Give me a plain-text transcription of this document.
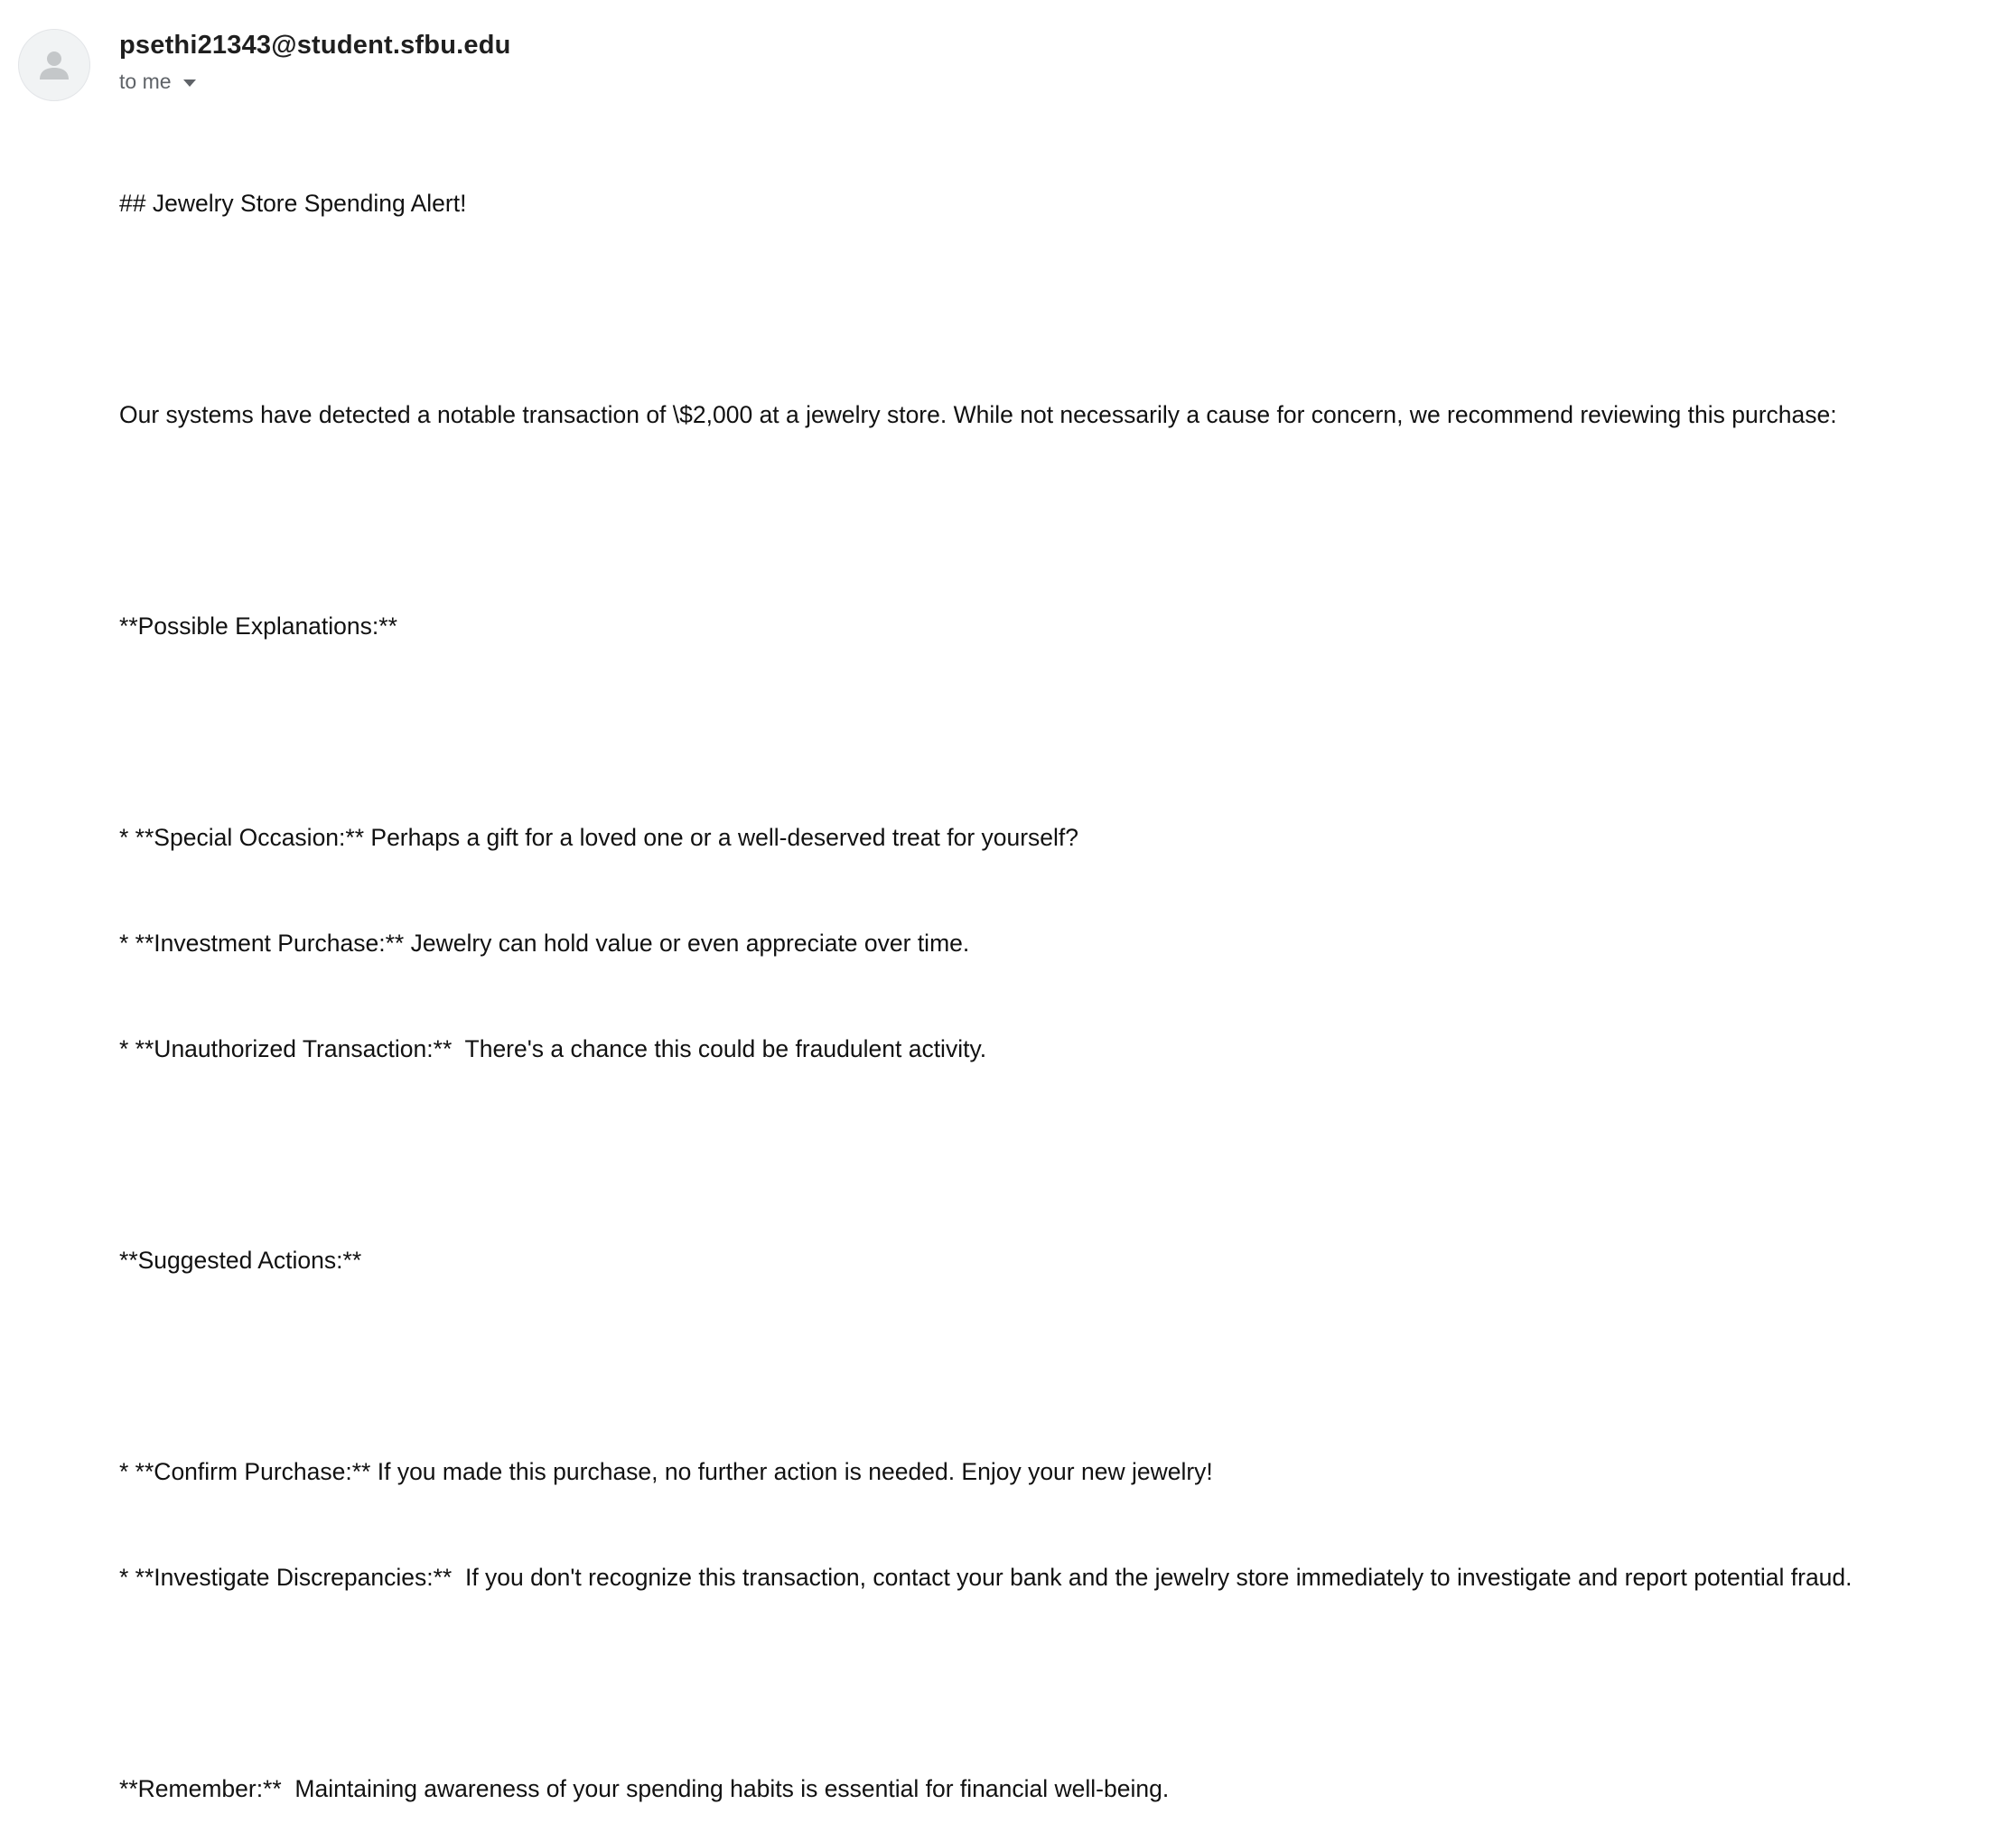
psethi21343@student.sfbu.edu
to me

## Jewelry Store Spending Alert!

Our systems have detected a notable transaction of \$2,000 at a jewelry store. While not necessarily a cause for concern, we recommend reviewing this purchase:

**Possible Explanations:**

* **Special Occasion:** Perhaps a gift for a loved one or a well-deserved treat for yourself?

* **Investment Purchase:** Jewelry can hold value or even appreciate over time.

* **Unauthorized Transaction:**  There's a chance this could be fraudulent activity.

**Suggested Actions:**

* **Confirm Purchase:** If you made this purchase, no further action is needed. Enjoy your new jewelry!

* **Investigate Discrepancies:**  If you don't recognize this transaction, contact your bank and the jewelry store immediately to investigate and report potential fraud.

**Remember:**  Maintaining awareness of your spending habits is essential for financial well-being.
